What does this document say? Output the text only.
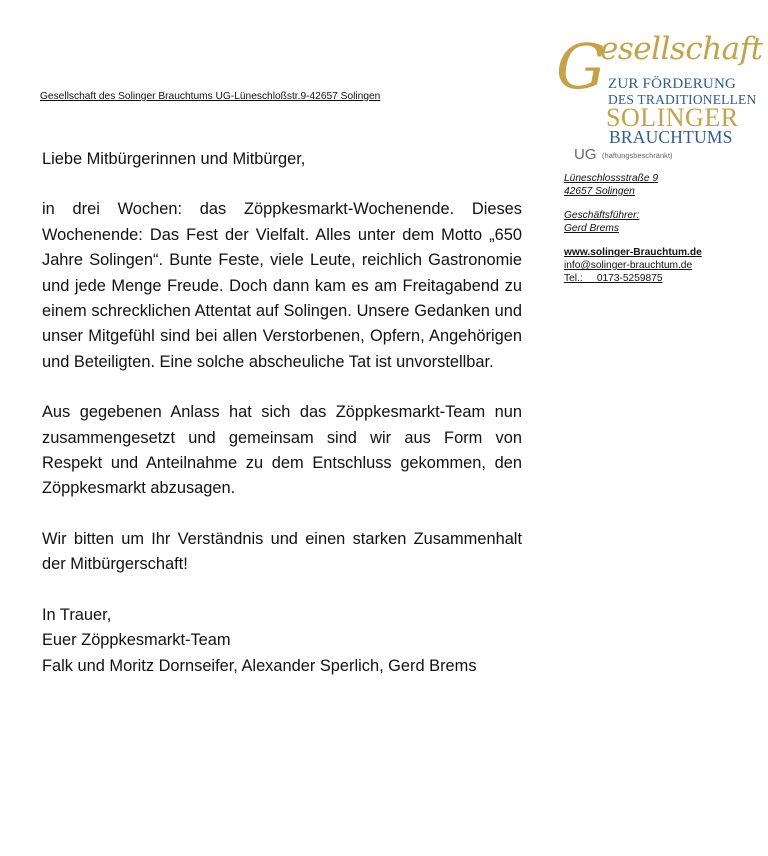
Gesellschaft des Solinger Brauchtums UG-Lüneschloßstr.9-42657 Solingen	G
esellschaft
ZUR FÖRDERUNG
DES TRADITIONELLEN
SOLINGER
BRAUCHTUMS
UG (haftungsbeschränkt)
Lüneschlossstraße 9
42657 Solingen
Geschäftsführer:
Gerd Brems
www.solinger-Brauchtum.de
info@solinger-brauchtum.de
Tel.:     0173-5259875

Liebe Mitbürgerinnen und Mitbürger,

in drei Wochen: das Zöppkesmarkt-Wochenende. Dieses Wochenende: Das Fest der Vielfalt. Alles unter dem Motto „650 Jahre Solingen“. Bunte Feste, viele Leute, reichlich Gastronomie und jede Menge Freude. Doch dann kam es am Freitagabend zu einem schrecklichen Attentat auf Solingen. Unsere Gedanken und unser Mitgefühl sind bei allen Verstorbenen, Opfern, Angehörigen und Beteiligten. Eine solche abscheuliche Tat ist unvorstellbar.

Aus gegebenen Anlass hat sich das Zöppkesmarkt-Team nun zusammengesetzt und gemeinsam sind wir aus Form von Respekt und Anteilnahme zu dem Entschluss gekommen, den Zöppkesmarkt abzusagen.

Wir bitten um Ihr Verständnis und einen starken Zusammenhalt der Mitbürgerschaft!

In Trauer,

Euer Zöppkesmarkt-Team

Falk und Moritz Dornseifer, Alexander Sperlich, Gerd Brems
